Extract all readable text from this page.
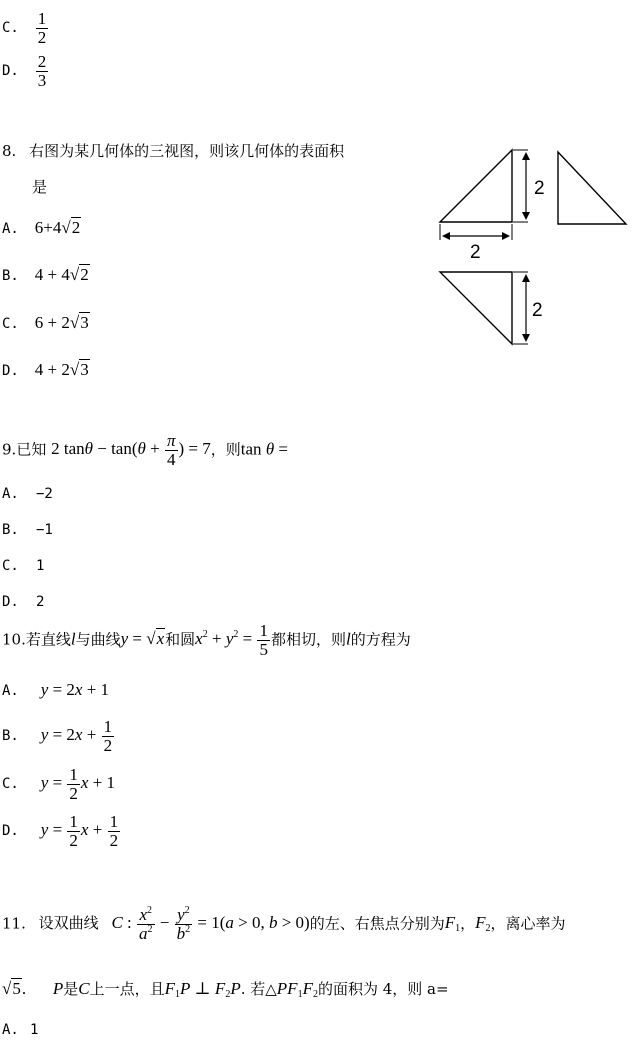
C. $\frac{1}{2}$
D. $\frac{2}{3}$
8. 右图为某几何体的三视图，则该几何体的表面积
是
A. 6+4√2
B. 4 + 4√2
C. 6 + 2√3
D. 4 + 2√3
2
2
2
9.已知 2 $\tan\theta - \tan(\theta + \frac{\pi}{4}$ ) = 7，则tan θ =
A. −2
B. −1
C. 1
D. 2
10.若直线l与曲线y = √x和圆$x^2 + y^2 = \frac{1}{5}$ 都相切，则l的方程为
A. y = 2x + 1
B. $y = 2x + \frac{1}{2}$
C. $y = \frac{1}{2}$ x + 1
D. $y = \frac{1}{2}$ $x + \frac{1}{2}$
11. 设双曲线 C : $\frac{x^2}{a^2} - \frac{y^2}{b^2} = 1(a > 0$, b > 0)的左、右焦点分别为$F_1$，$F_2$，离心率为
√5. P是C上一点，且$F_1P$ ⊥ $F_2P$. 若$\triangle PF_1F_2$的面积为 4，则 a=
A. 1
